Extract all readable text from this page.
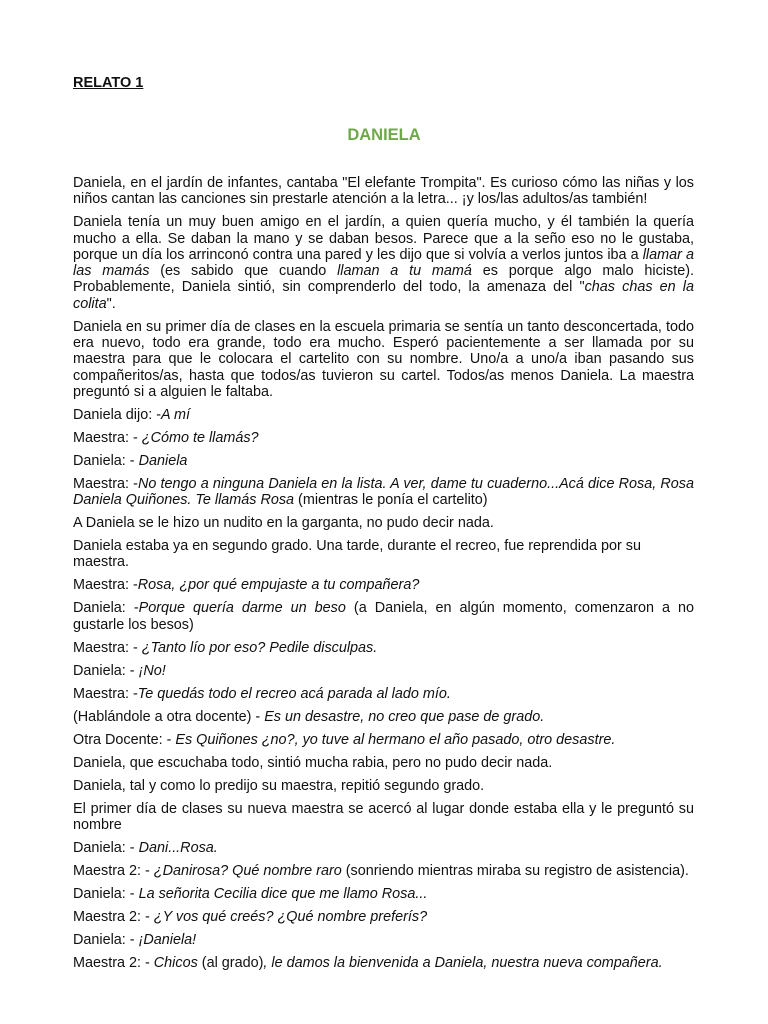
RELATO 1
DANIELA

Daniela, en el jardín de infantes, cantaba "El elefante Trompita". Es curioso cómo las niñas y los niños cantan las canciones sin prestarle atención a la letra... ¡y los/las adultos/as también!

Daniela tenía un muy buen amigo en el jardín, a quien quería mucho, y él también la quería mucho a ella. Se daban la mano y se daban besos. Parece que a la seño eso no le gustaba, porque un día los arrinconó contra una pared y les dijo que si volvía a verlos juntos iba a llamar a las mamás (es sabido que cuando llaman a tu mamá es porque algo malo hiciste). Probablemente, Daniela sintió, sin comprenderlo del todo, la amenaza del "chas chas en la colita".

Daniela en su primer día de clases en la escuela primaria se sentía un tanto desconcertada, todo era nuevo, todo era grande, todo era mucho. Esperó pacientemente a ser llamada por su maestra para que le colocara el cartelito con su nombre. Uno/a a uno/a iban pasando sus compañeritos/as, hasta que todos/as tuvieron su cartel. Todos/as menos Daniela. La maestra preguntó si a alguien le faltaba.

Daniela dijo: -A mí

Maestra: - ¿Cómo te llamás?

Daniela: - Daniela

Maestra: -No tengo a ninguna Daniela en la lista. A ver, dame tu cuaderno...Acá dice Rosa, Rosa Daniela Quiñones. Te llamás Rosa (mientras le ponía el cartelito)

A Daniela se le hizo un nudito en la garganta, no pudo decir nada.

Daniela estaba ya en segundo grado. Una tarde, durante el recreo, fue reprendida por su maestra.

Maestra: -Rosa, ¿por qué empujaste a tu compañera?

Daniela: -Porque quería darme un beso (a Daniela, en algún momento, comenzaron a no gustarle los besos)

Maestra: - ¿Tanto lío por eso? Pedile disculpas.

Daniela: - ¡No!

Maestra: -Te quedás todo el recreo acá parada al lado mío.

(Hablándole a otra docente) - Es un desastre, no creo que pase de grado.

Otra Docente: - Es Quiñones ¿no?, yo tuve al hermano el año pasado, otro desastre.

Daniela, que escuchaba todo, sintió mucha rabia, pero no pudo decir nada.

Daniela, tal y como lo predijo su maestra, repitió segundo grado.

El primer día de clases su nueva maestra se acercó al lugar donde estaba ella y le preguntó su nombre

Daniela: - Dani...Rosa.

Maestra 2: - ¿Danirosa? Qué nombre raro (sonriendo mientras miraba su registro de asistencia).

Daniela: - La señorita Cecilia dice que me llamo Rosa...

Maestra 2: - ¿Y vos qué creés? ¿Qué nombre preferís?

Daniela: - ¡Daniela!

Maestra 2: - Chicos (al grado), le damos la bienvenida a Daniela, nuestra nueva compañera.
